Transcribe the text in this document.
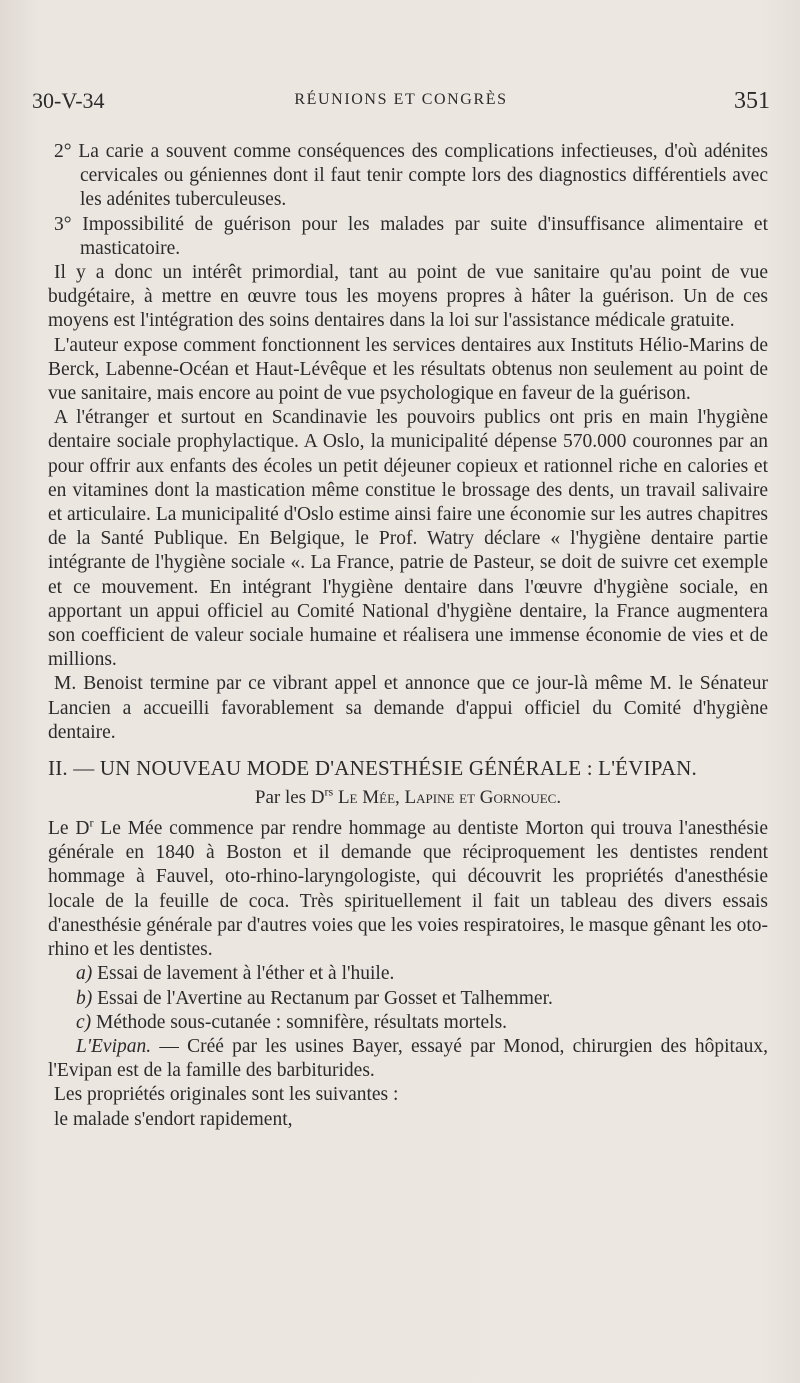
30-V-34	RÉUNIONS ET CONGRÈS	351

2° La carie a souvent comme conséquences des complications infectieuses, d'où adénites cervicales ou géniennes dont il faut tenir compte lors des diagnostics différentiels avec les adénites tuberculeuses.

3° Impossibilité de guérison pour les malades par suite d'insuffisance alimentaire et masticatoire.

Il y a donc un intérêt primordial, tant au point de vue sanitaire qu'au point de vue budgétaire, à mettre en œuvre tous les moyens propres à hâter la guérison. Un de ces moyens est l'intégration des soins dentaires dans la loi sur l'assistance médicale gratuite.

L'auteur expose comment fonctionnent les services dentaires aux Instituts Hélio-Marins de Berck, Labenne-Océan et Haut-Lévêque et les résultats obtenus non seulement au point de vue sanitaire, mais encore au point de vue psychologique en faveur de la guérison.

A l'étranger et surtout en Scandinavie les pouvoirs publics ont pris en main l'hygiène dentaire sociale prophylactique. A Oslo, la municipalité dépense 570.000 couronnes par an pour offrir aux enfants des écoles un petit déjeuner copieux et rationnel riche en calories et en vitamines dont la mastication même constitue le brossage des dents, un travail salivaire et articulaire. La municipalité d'Oslo estime ainsi faire une économie sur les autres chapitres de la Santé Publique. En Belgique, le Prof. Watry déclare « l'hygiène dentaire partie intégrante de l'hygiène sociale «. La France, patrie de Pasteur, se doit de suivre cet exemple et ce mouvement. En intégrant l'hygiène dentaire dans l'œuvre d'hygiène sociale, en apportant un appui officiel au Comité National d'hygiène dentaire, la France augmentera son coefficient de valeur sociale humaine et réalisera une immense économie de vies et de millions.

M. Benoist termine par ce vibrant appel et annonce que ce jour-là même M. le Sénateur Lancien a accueilli favorablement sa demande d'appui officiel du Comité d'hygiène dentaire.

II. — UN NOUVEAU MODE D'ANESTHÉSIE GÉNÉRALE : L'ÉVIPAN.
Par les $D^{rs}$ Le Mée, Lapine et Gornouec.

Le $D^r$ Le Mée commence par rendre hommage au dentiste Morton qui trouva l'anesthésie générale en 1840 à Boston et il demande que réciproquement les dentistes rendent hommage à Fauvel, oto-rhino-laryngologiste, qui découvrit les propriétés d'anesthésie locale de la feuille de coca. Très spirituellement il fait un tableau des divers essais d'anesthésie générale par d'autres voies que les voies respiratoires, le masque gênant les oto-rhino et les dentistes.

a) Essai de lavement à l'éther et à l'huile.

b) Essai de l'Avertine au Rectanum par Gosset et Talhemmer.

c) Méthode sous-cutanée : somnifère, résultats mortels.

L'Evipan. — Créé par les usines Bayer, essayé par Monod, chirurgien des hôpitaux, l'Evipan est de la famille des barbiturides.

Les propriétés originales sont les suivantes :

le malade s'endort rapidement,
